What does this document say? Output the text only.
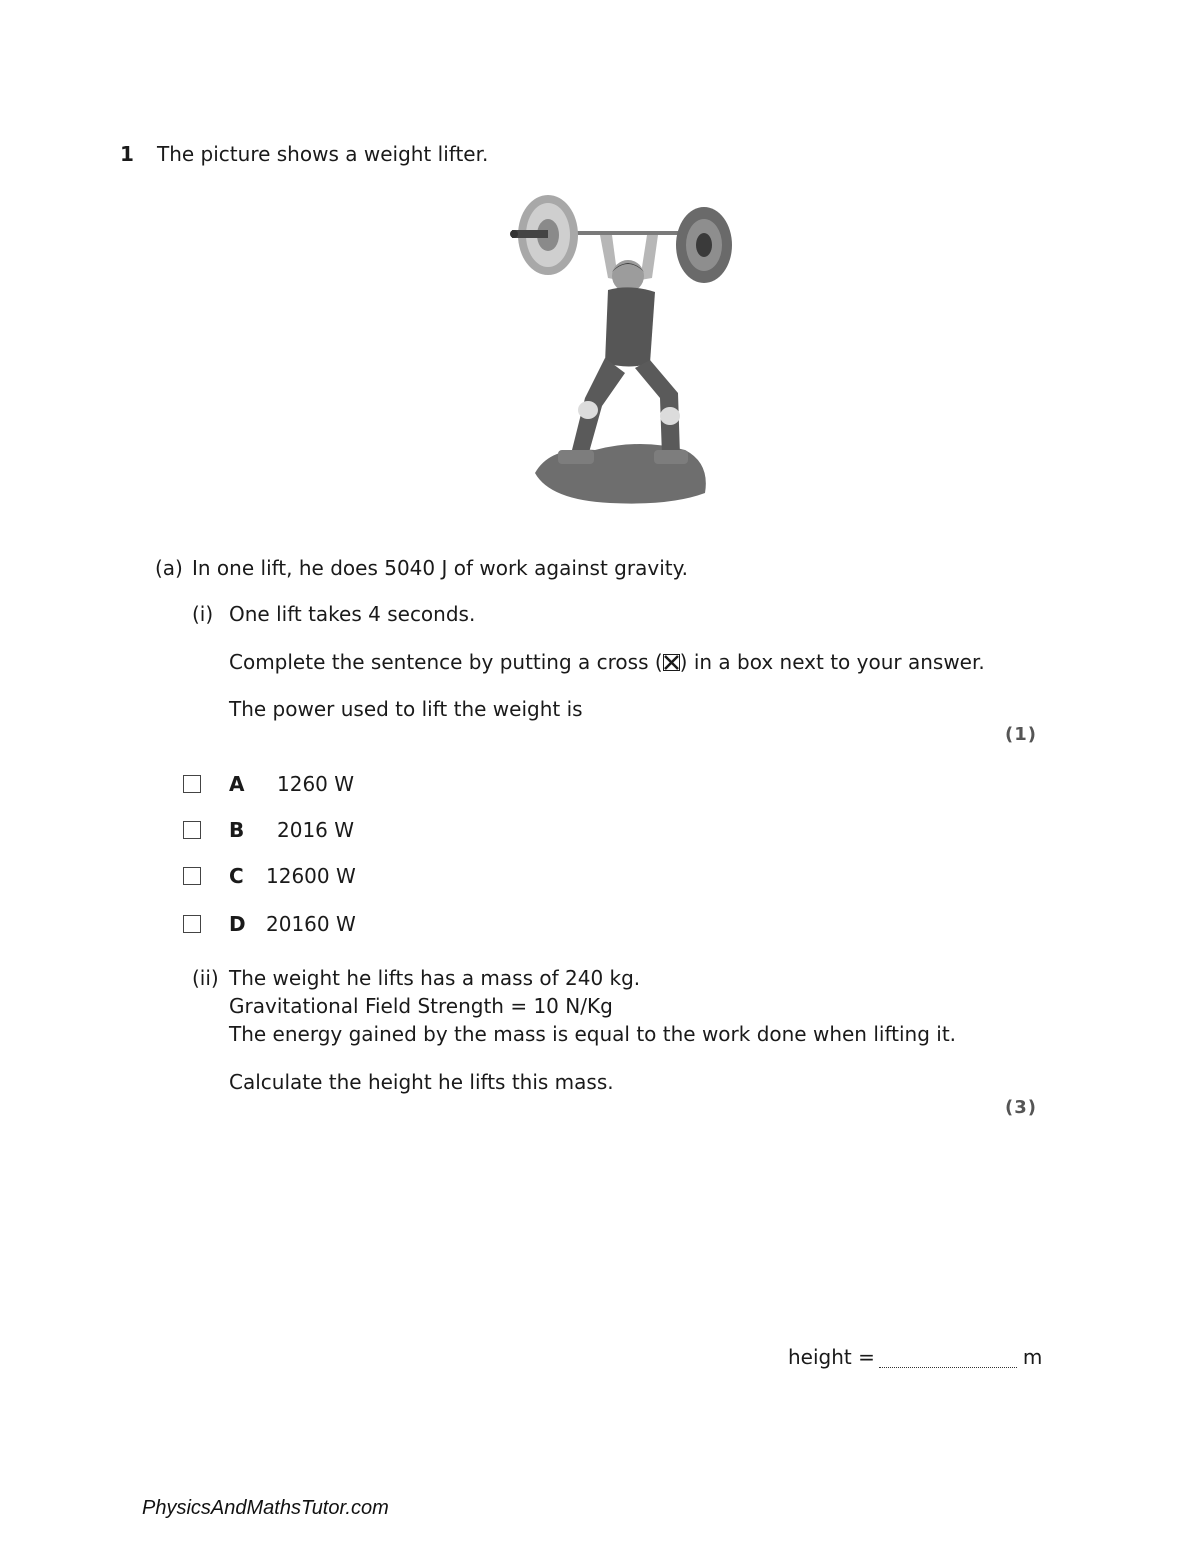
1 The picture shows a weight lifter.
(a) In one lift, he does 5040 J of work against gravity.
(i) One lift takes 4 seconds.
Complete the sentence by putting a cross (☒) in a box next to your answer.
The power used to lift the weight is
(1)
A 1260 W
B 2016 W
C 12600 W
D 20160 W
(ii) The weight he lifts has a mass of 240 kg.
Gravitational Field Strength = 10 N/Kg
The energy gained by the mass is equal to the work done when lifting it.
Calculate the height he lifts this mass.
(3)
height =	m
PhysicsAndMathsTutor.com
